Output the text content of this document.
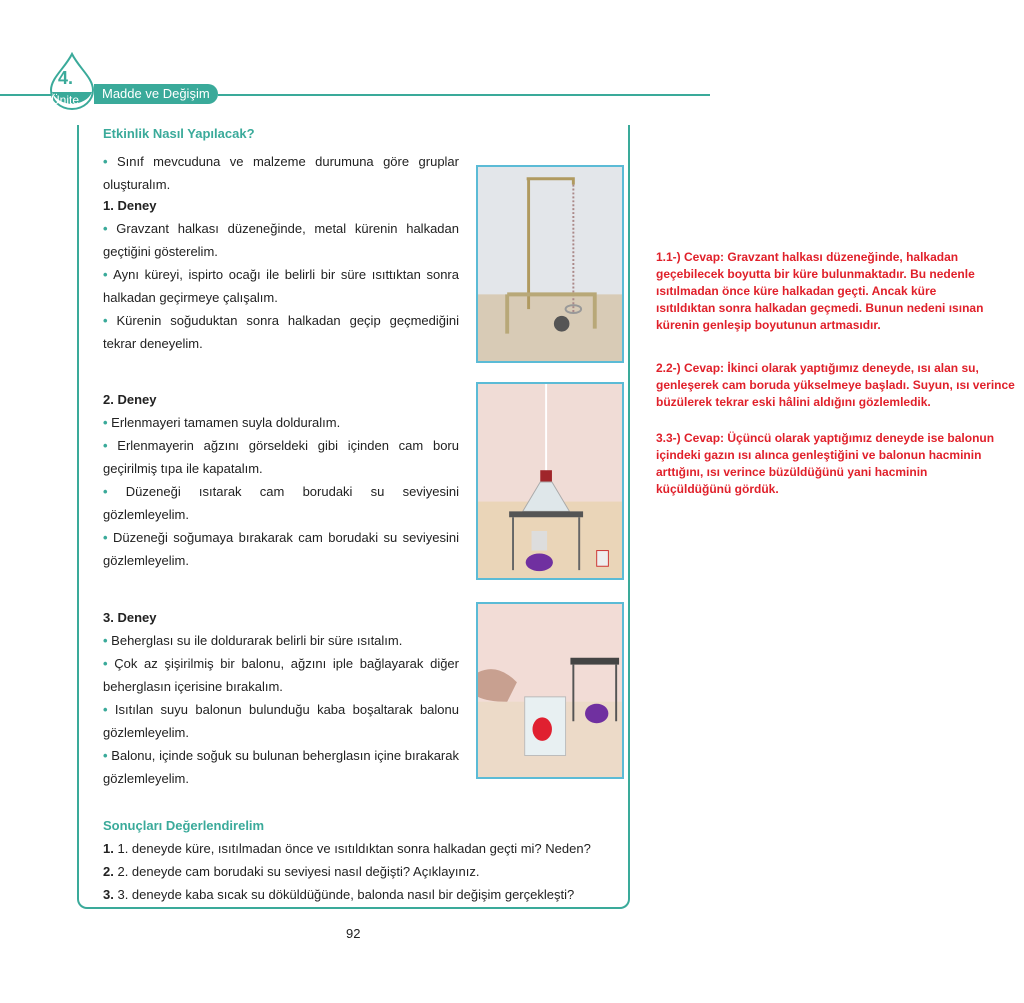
4.
Ünite	Madde ve Değişim
Etkinlik Nasıl Yapılacak?
• Sınıf mevcuduna ve malzeme durumuna göre gruplar oluşturalım.
1. Deney
• Gravzant halkası düzeneğinde, metal kürenin halkadan geçtiğini gösterelim.
• Aynı küreyi, ispirto ocağı ile belirli bir süre ısıttıktan sonra halkadan geçirmeye çalışalım.
• Kürenin soğuduktan sonra halkadan geçip geçmediğini tekrar deneyelim.
2. Deney
• Erlenmayeri tamamen suyla dolduralım.
• Erlenmayerin ağzını görseldeki gibi içinden cam boru geçirilmiş tıpa ile kapatalım.
• Düzeneği ısıtarak cam borudaki su seviyesini gözlemleyelim.
• Düzeneği soğumaya bırakarak cam borudaki su seviyesini gözlemleyelim.
3. Deney
• Beherglası su ile doldurarak belirli bir süre ısıtalım.
• Çok az şişirilmiş bir balonu, ağzını iple bağlayarak diğer beherglasın içerisine bırakalım.
• Isıtılan suyu balonun bulunduğu kaba boşaltarak balonu gözlemleyelim.
• Balonu, içinde soğuk su bulunan beherglasın içine bırakarak gözlemleyelim.
Sonuçları Değerlendirelim
1. 1. deneyde küre, ısıtılmadan önce ve ısıtıldıktan sonra halkadan geçti mi? Neden?
2. 2. deneyde cam borudaki su seviyesi nasıl değişti? Açıklayınız.
3. 3. deneyde kaba sıcak su döküldüğünde, balonda nasıl bir değişim gerçekleşti?
1.1-) Cevap: Gravzant halkası düzeneğinde, halkadan geçebilecek boyutta bir küre bulunmaktadır. Bu nedenle ısıtılmadan önce küre halkadan geçti. Ancak küre ısıtıldıktan sonra halkadan geçmedi. Bunun nedeni ısınan kürenin genleşip boyutunun artmasıdır.
2.2-) Cevap: İkinci olarak yaptığımız deneyde, ısı alan su, genleşerek cam boruda yükselmeye başladı. Suyun, ısı verince büzülerek tekrar eski hâlini aldığını gözlemledik.
3.3-) Cevap: Üçüncü olarak yaptığımız deneyde ise balonun içindeki gazın ısı alınca genleştiğini ve balonun hacminin arttığını, ısı verince büzüldüğünü yani hacminin küçüldüğünü gördük.
92
